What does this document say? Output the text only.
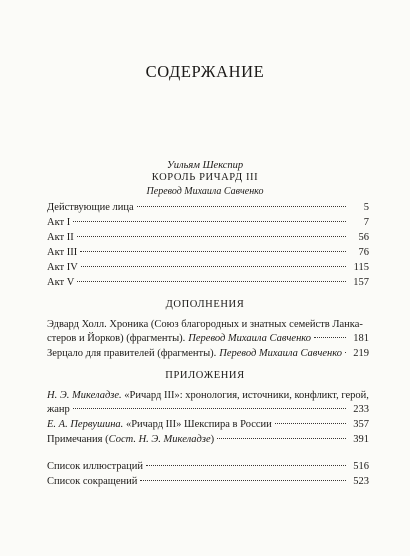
СОДЕРЖАНИЕ
Уильям Шекспир
КОРОЛЬ РИЧАРД III
Перевод Михаила Савченко
Действующие лица	5
Акт I	7
Акт II	56
Акт III	76
Акт IV	115
Акт V	157
ДОПОЛНЕНИЯ
Эдвард Холл. Хроника (Союз благородных и знатных семейств Ланка-
стеров и Йорков) (фрагменты). Перевод Михаила Савченко	181
Зерцало для правителей (фрагменты). Перевод Михаила Савченко	219
ПРИЛОЖЕНИЯ
Н. Э. Микеладзе. «Ричард III»: хронология, источники, конфликт, герой,
жанр	233
Е. А. Первушина. «Ричард III» Шекспира в России	357
Примечания ( Сост. Н. Э. Микеладзе )	391
Список иллюстраций	516
Список сокращений	523
